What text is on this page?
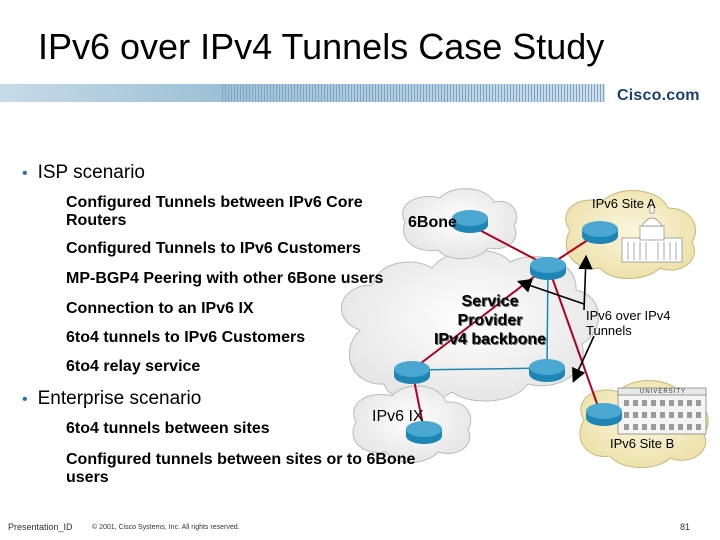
IPv6 over IPv4 Tunnels Case Study
Cisco.com
• ISP scenario
Configured Tunnels between IPv6 Core Routers
Configured Tunnels to IPv6 Customers
MP-BGP4 Peering with other 6Bone users
Connection to an IPv6 IX
6to4 tunnels to IPv6 Customers
6to4 relay service
• Enterprise scenario
6to4 tunnels between sites
Configured tunnels between sites or to 6Bone users
6Bone
Service
Provider
IPv4 backbone
IPv6 IX
IPv6 Site A
IPv6 Site B
UNIVERSITY
IPv6 over IPv4 Tunnels
Presentation_ID	© 2001, Cisco Systems, Inc. All rights reserved.	81
